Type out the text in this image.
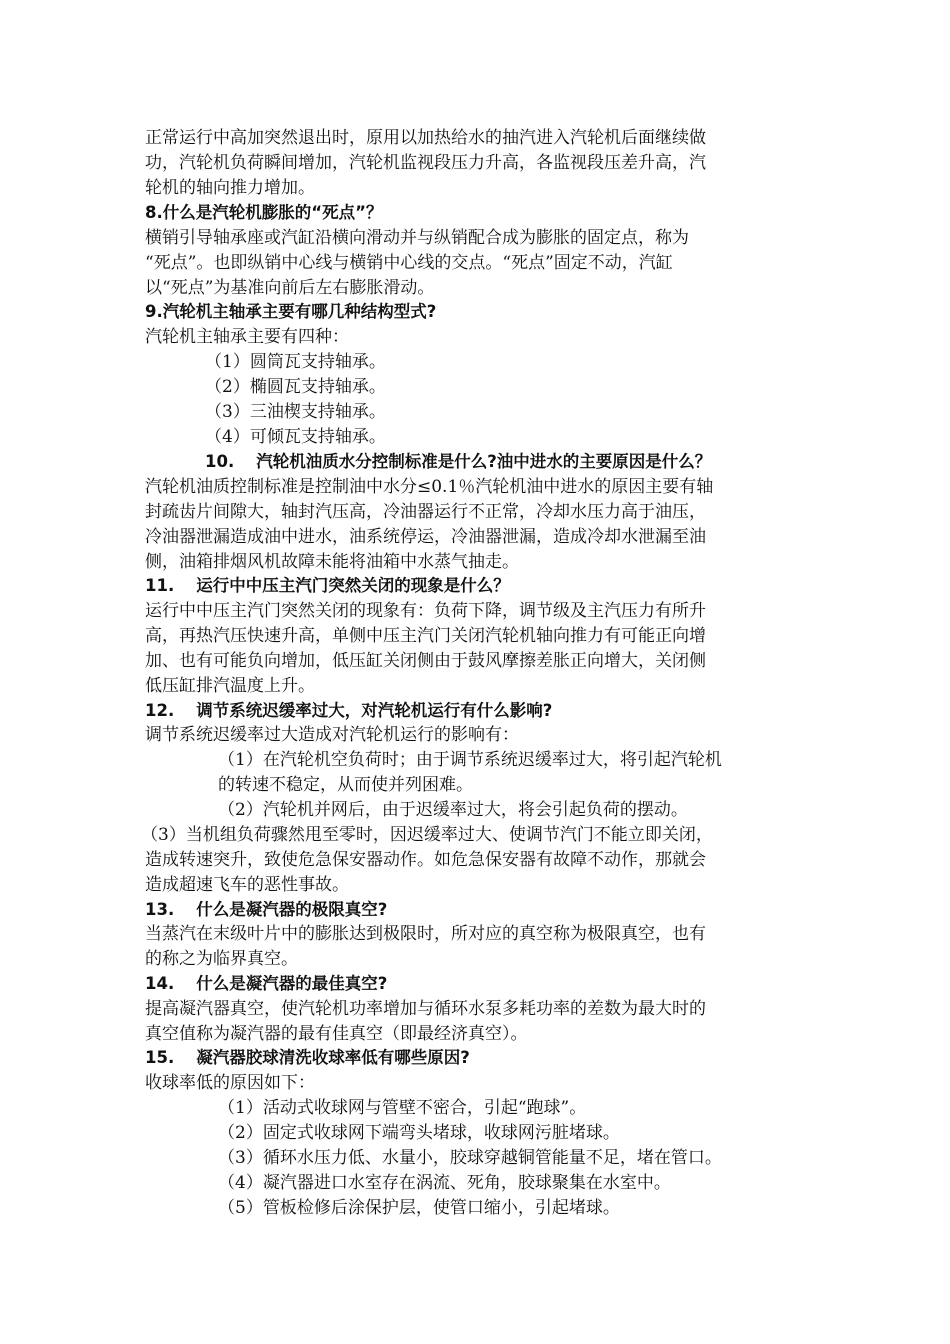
正常运行中高加突然退出时，原用以加热给水的抽汽进入汽轮机后面继续做
功，汽轮机负荷瞬间增加，汽轮机监视段压力升高，各监视段压差升高，汽
轮机的轴向推力增加。
8.什么是汽轮机膨胀的“死点”？
横销引导轴承座或汽缸沿横向滑动并与纵销配合成为膨胀的固定点，称为
“死点”。也即纵销中心线与横销中心线的交点。“死点”固定不动，汽缸
以“死点”为基准向前后左右膨胀滑动。
9.汽轮机主轴承主要有哪几种结构型式?
汽轮机主轴承主要有四种：
（1）圆筒瓦支持轴承。
（2）椭圆瓦支持轴承。
（3）三油楔支持轴承。
（4）可倾瓦支持轴承。
10. 汽轮机油质水分控制标准是什么?油中进水的主要原因是什么？
汽轮机油质控制标准是控制油中水分≤0.1％汽轮机油中进水的原因主要有轴
封疏齿片间隙大，轴封汽压高，冷油器运行不正常，冷却水压力高于油压，
冷油器泄漏造成油中进水，油系统停运，冷油器泄漏，造成冷却水泄漏至油
侧，油箱排烟风机故障未能将油箱中水蒸气抽走。
11. 运行中中压主汽门突然关闭的现象是什么？
运行中中压主汽门突然关闭的现象有：负荷下降，调节级及主汽压力有所升
高，再热汽压快速升高，单侧中压主汽门关闭汽轮机轴向推力有可能正向增
加、也有可能负向增加，低压缸关闭侧由于鼓风摩擦差胀正向增大，关闭侧
低压缸排汽温度上升。
12. 调节系统迟缓率过大，对汽轮机运行有什么影响?
调节系统迟缓率过大造成对汽轮机运行的影响有：
（1）在汽轮机空负荷时；由于调节系统迟缓率过大，将引起汽轮机
的转速不稳定，从而使并列困难。
（2）汽轮机并网后，由于迟缓率过大，将会引起负荷的摆动。
（3）当机组负荷骤然甩至零时，因迟缓率过大、使调节汽门不能立即关闭，
造成转速突升，致使危急保安器动作。如危急保安器有故障不动作，那就会
造成超速飞车的恶性事故。
13. 什么是凝汽器的极限真空?
当蒸汽在末级叶片中的膨胀达到极限时，所对应的真空称为极限真空，也有
的称之为临界真空。
14. 什么是凝汽器的最佳真空?
提高凝汽器真空，使汽轮机功率增加与循环水泵多耗功率的差数为最大时的
真空值称为凝汽器的最有佳真空（即最经济真空）。
15. 凝汽器胶球清洗收球率低有哪些原因?
收球率低的原因如下：
（1）活动式收球网与管壁不密合，引起“跑球”。
（2）固定式收球网下端弯头堵球，收球网污脏堵球。
（3）循环水压力低、水量小，胶球穿越铜管能量不足，堵在管口。
（4）凝汽器进口水室存在涡流、死角，胶球聚集在水室中。
（5）管板检修后涂保护层，使管口缩小，引起堵球。
